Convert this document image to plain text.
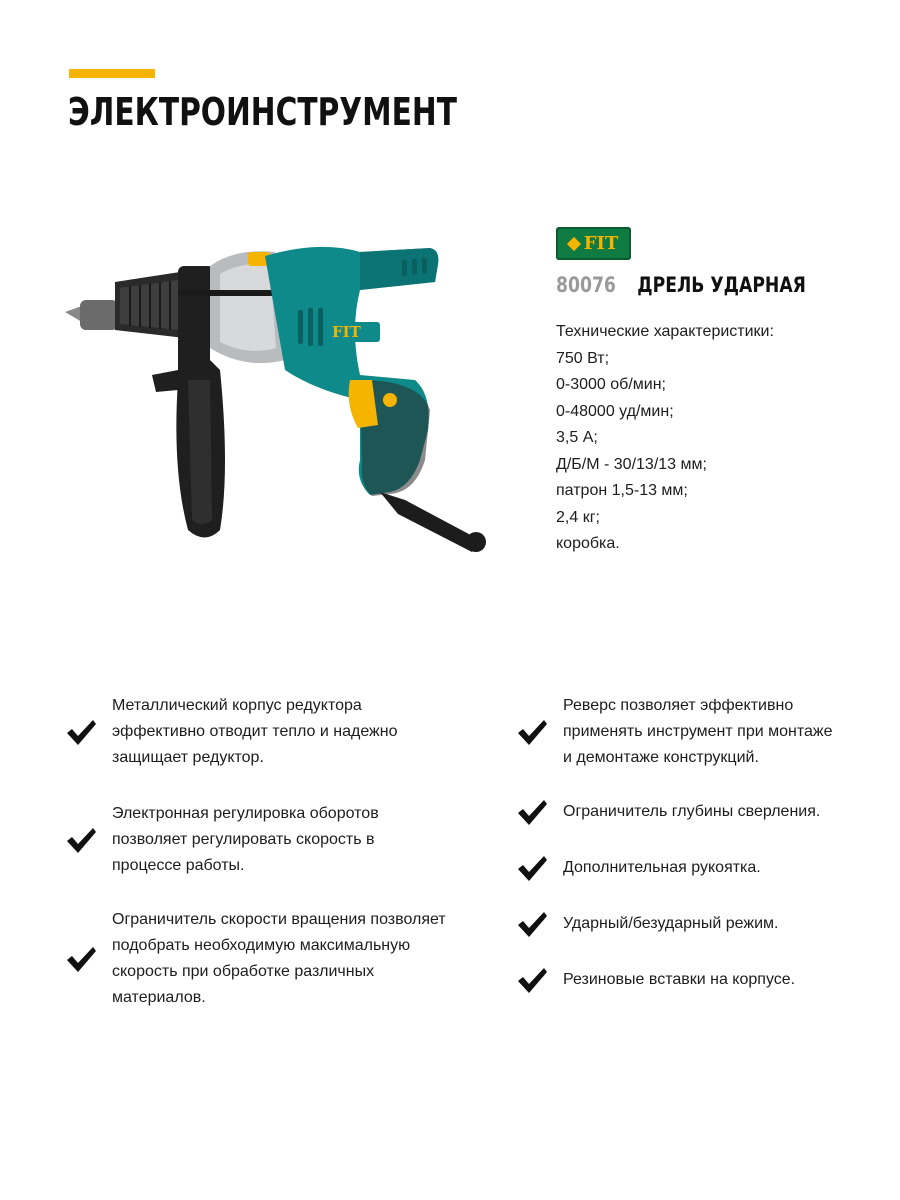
ЭЛЕКТРОИНСТРУМЕНТ
FIT
FIT
80076 ДРЕЛЬ УДАРНАЯ
Технические характеристики:
750 Вт;
0-3000 об/мин;
0-48000 уд/мин;
3,5 А;
Д/Б/М - 30/13/13 мм;
патрон 1,5-13 мм;
2,4 кг;
коробка.
Металлический корпус редуктора
эффективно отводит тепло и надежно
защищает редуктор.
Электронная регулировка оборотов
позволяет регулировать скорость в
процессе работы.
Ограничитель скорости вращения позволяет
подобрать необходимую максимальную
скорость при обработке различных
материалов.
Реверс позволяет эффективно
применять инструмент при монтаже
и демонтаже конструкций.
Ограничитель глубины сверления.
Дополнительная рукоятка.
Ударный/безударный режим.
Резиновые вставки на корпусе.
